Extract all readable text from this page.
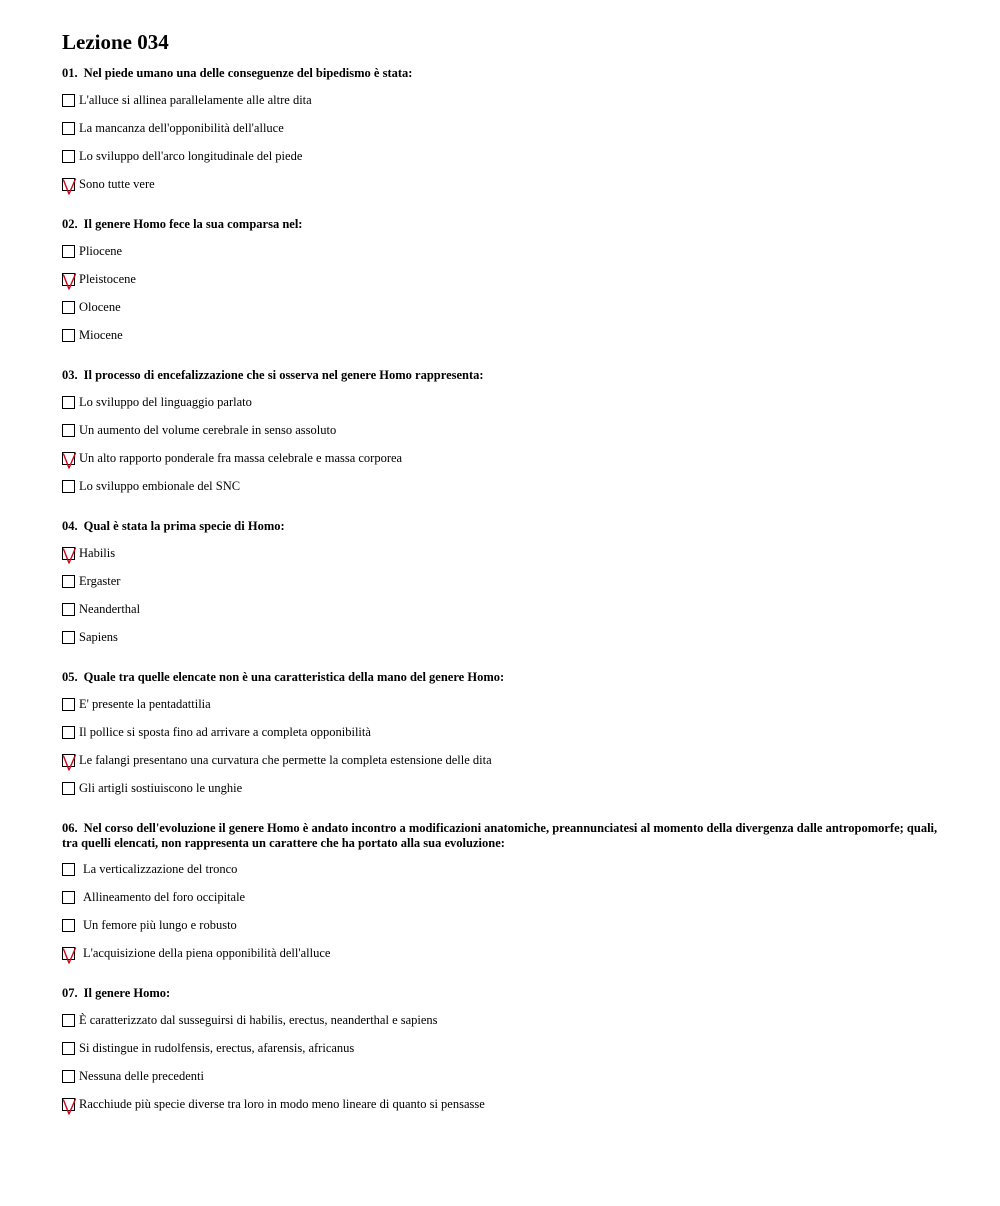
Lezione 034
01. Nel piede umano una delle conseguenze del bipedismo è stata:
L'alluce si allinea parallelamente alle altre dita
La mancanza dell'opponibilità dell'alluce
Lo sviluppo dell'arco longitudinale del piede
Sono tutte vere
02. Il genere Homo fece la sua comparsa nel:
Pliocene
Pleistocene
Olocene
Miocene
03. Il processo di encefalizzazione che si osserva nel genere Homo rappresenta:
Lo sviluppo del linguaggio parlato
Un aumento del volume cerebrale in senso assoluto
Un alto rapporto ponderale fra massa celebrale e massa corporea
Lo sviluppo embionale del SNC
04. Qual è stata la prima specie di Homo:
Habilis
Ergaster
Neanderthal
Sapiens
05. Quale tra quelle elencate non è una caratteristica della mano del genere Homo:
E' presente la pentadattilia
Il pollice si sposta fino ad arrivare a completa opponibilità
Le falangi presentano una curvatura che permette la completa estensione delle dita
Gli artigli sostiuiscono le unghie
06. Nel corso dell'evoluzione il genere Homo è andato incontro a modificazioni anatomiche, preannunciatesi al momento della divergenza dalle antropomorfe; quali, tra quelli elencati, non rappresenta un carattere che ha portato alla sua evoluzione:
La verticalizzazione del tronco
Allineamento del foro occipitale
Un femore più lungo e robusto
L'acquisizione della piena opponibilità dell'alluce
07. Il genere Homo:
È caratterizzato dal susseguirsi di habilis, erectus, neanderthal e sapiens
Si distingue in rudolfensis, erectus, afarensis, africanus
Nessuna delle precedenti
Racchiude più specie diverse tra loro in modo meno lineare di quanto si pensasse
